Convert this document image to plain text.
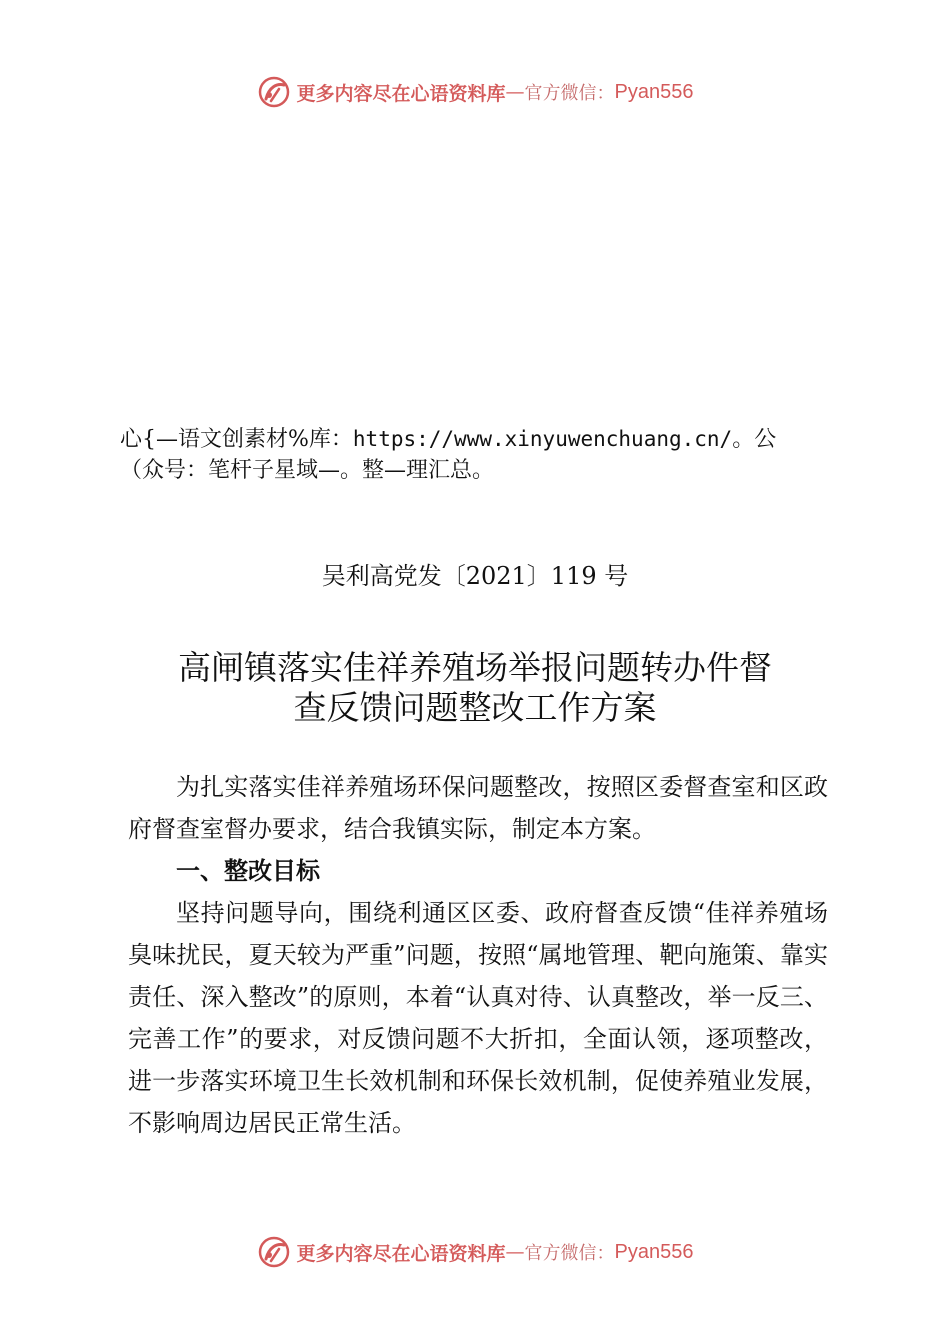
更多内容尽在心语资料库 — 官方微信： Pyan556
心{—语文创素材%库：https://www.xinyuwenchuang.cn/。公
（众号：笔杆子星域—。整—理汇总。
吴利高党发〔2021〕119 号
高闸镇落实佳祥养殖场举报问题转办件督
查反馈问题整改工作方案

为扎实落实佳祥养殖场环保问题整改，按照区委督查室和区政府督查室督办要求，结合我镇实际，制定本方案。

一、整改目标

坚持问题导向，围绕利通区区委、政府督查反馈“佳祥养殖场臭味扰民，夏天较为严重”问题，按照“属地管理、靶向施策、靠实责任、深入整改”的原则，本着“认真对待、认真整改，举一反三、完善工作”的要求，对反馈问题不大折扣，全面认领，逐项整改，进一步落实环境卫生长效机制和环保长效机制，促使养殖业发展，不影响周边居民正常生活。

更多内容尽在心语资料库 — 官方微信： Pyan556
